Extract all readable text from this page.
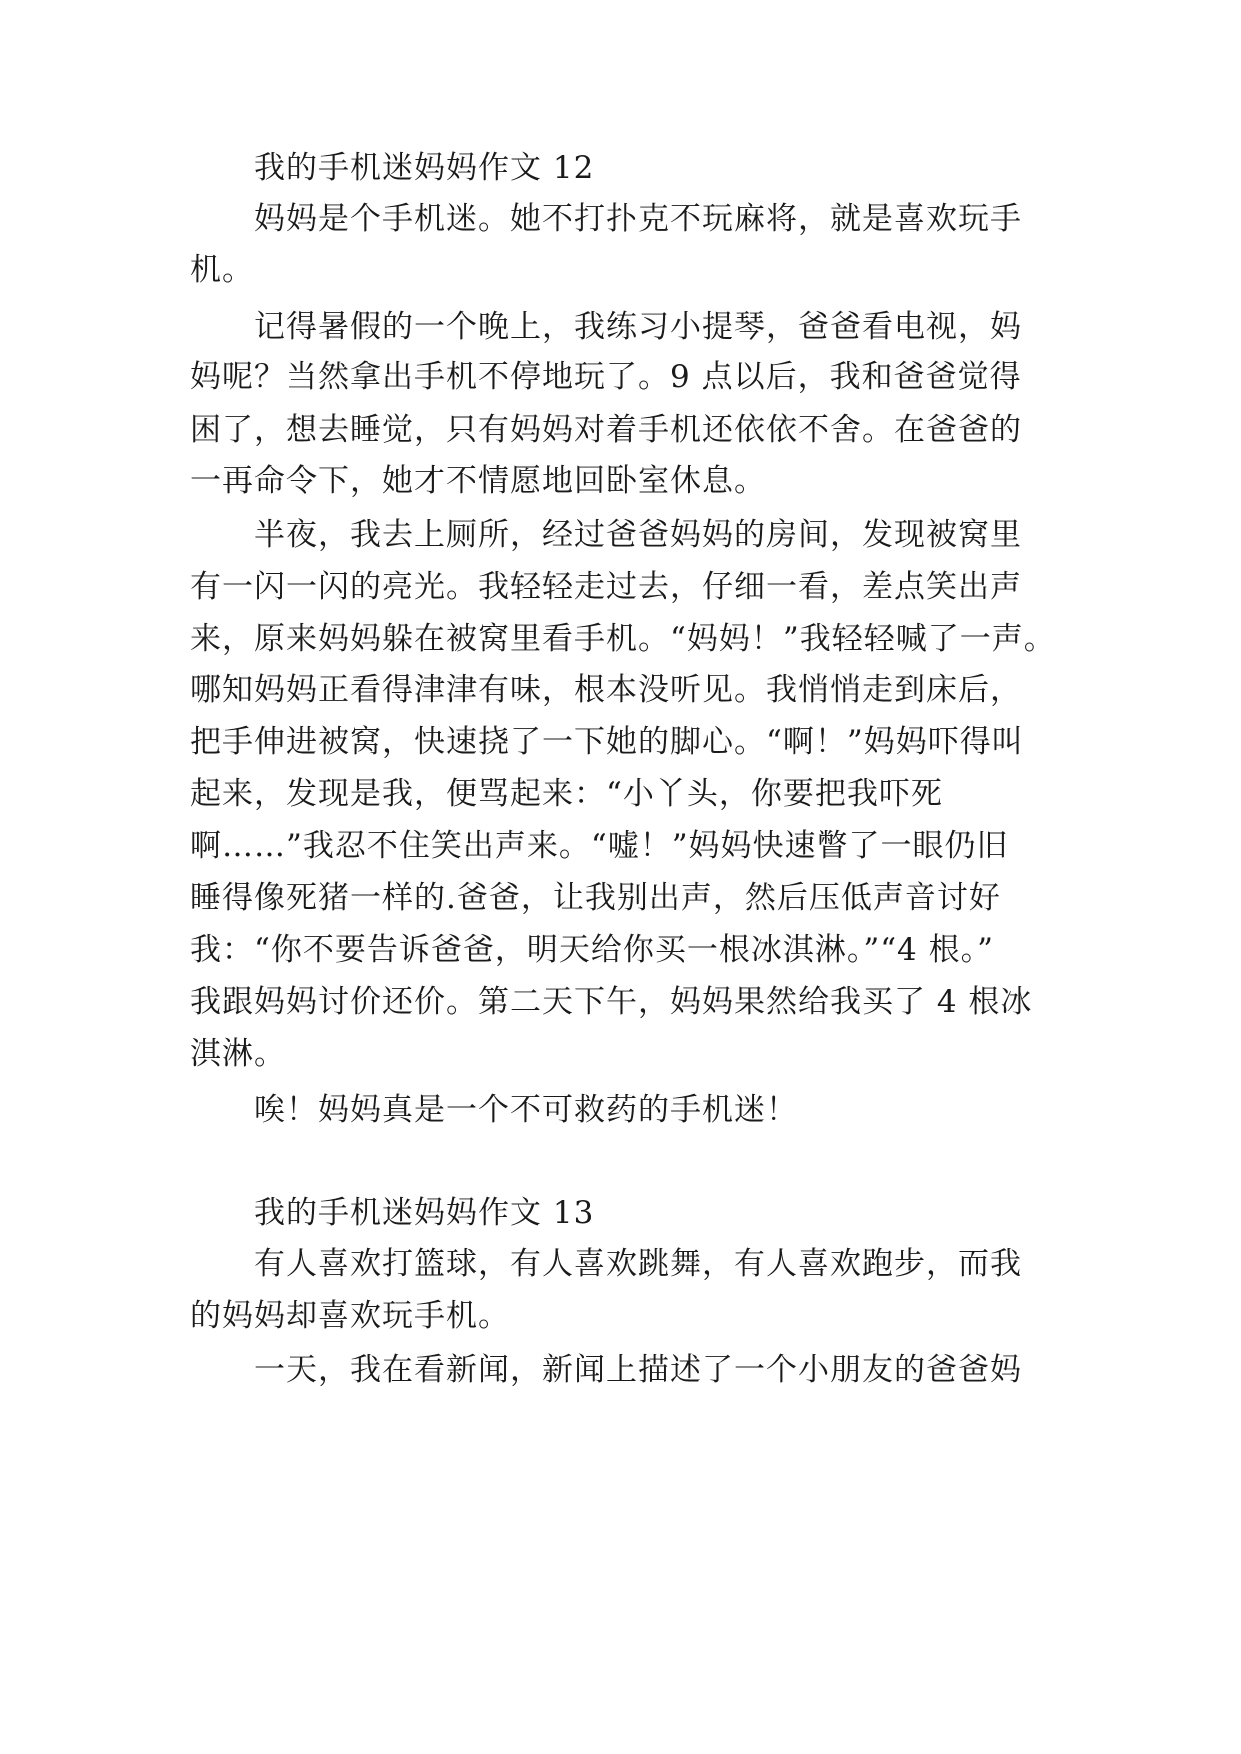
我的手机迷妈妈作文 12
妈妈是个手机迷。她不打扑克不玩麻将，就是喜欢玩手
机。
记得暑假的一个晚上，我练习小提琴，爸爸看电视，妈
妈呢？当然拿出手机不停地玩了。9 点以后，我和爸爸觉得
困了，想去睡觉，只有妈妈对着手机还依依不舍。在爸爸的
一再命令下，她才不情愿地回卧室休息。
半夜，我去上厕所，经过爸爸妈妈的房间，发现被窝里
有一闪一闪的亮光。我轻轻走过去，仔细一看，差点笑出声
来，原来妈妈躲在被窝里看手机。“妈妈！”我轻轻喊了一声。
哪知妈妈正看得津津有味，根本没听见。我悄悄走到床后，
把手伸进被窝，快速挠了一下她的脚心。“啊！”妈妈吓得叫
起来，发现是我，便骂起来：“小丫头，你要把我吓死
啊……”我忍不住笑出声来。“嘘！”妈妈快速瞥了一眼仍旧
睡得像死猪一样的.爸爸，让我别出声，然后压低声音讨好
我：“你不要告诉爸爸，明天给你买一根冰淇淋。”“4 根。”
我跟妈妈讨价还价。第二天下午，妈妈果然给我买了 4 根冰
淇淋。
唉！妈妈真是一个不可救药的手机迷！
我的手机迷妈妈作文 13
有人喜欢打篮球，有人喜欢跳舞，有人喜欢跑步，而我
的妈妈却喜欢玩手机。
一天，我在看新闻，新闻上描述了一个小朋友的爸爸妈
